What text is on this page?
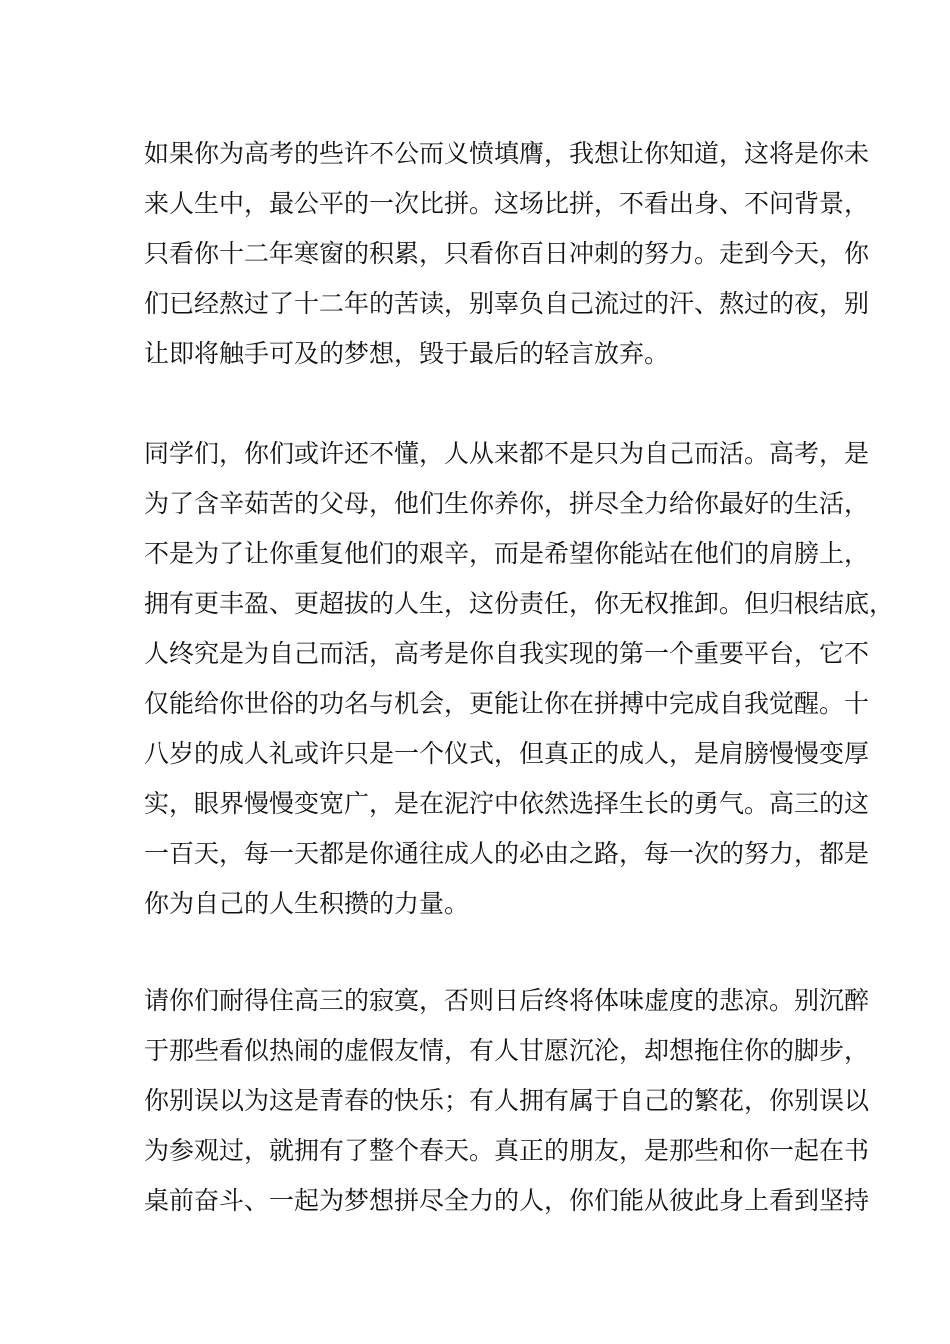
如果你为高考的些许不公而义愤填膺，我想让你知道，这将是你未
来人生中，最公平的一次比拼。这场比拼，不看出身、不问背景，
只看你十二年寒窗的积累，只看你百日冲刺的努力。走到今天，你
们已经熬过了十二年的苦读，别辜负自己流过的汗、熬过的夜，别
让即将触手可及的梦想，毁于最后的轻言放弃。
同学们，你们或许还不懂，人从来都不是只为自己而活。高考，是
为了含辛茹苦的父母，他们生你养你，拼尽全力给你最好的生活，
不是为了让你重复他们的艰辛，而是希望你能站在他们的肩膀上，
拥有更丰盈、更超拔的人生，这份责任，你无权推卸。但归根结底，
人终究是为自己而活，高考是你自我实现的第一个重要平台，它不
仅能给你世俗的功名与机会，更能让你在拼搏中完成自我觉醒。十
八岁的成人礼或许只是一个仪式，但真正的成人，是肩膀慢慢变厚
实，眼界慢慢变宽广，是在泥泞中依然选择生长的勇气。高三的这
一百天，每一天都是你通往成人的必由之路，每一次的努力，都是
你为自己的人生积攒的力量。
请你们耐得住高三的寂寞，否则日后终将体味虚度的悲凉。别沉醉
于那些看似热闹的虚假友情，有人甘愿沉沦，却想拖住你的脚步，
你别误以为这是青春的快乐；有人拥有属于自己的繁花，你别误以
为参观过，就拥有了整个春天。真正的朋友，是那些和你一起在书
桌前奋斗、一起为梦想拼尽全力的人，你们能从彼此身上看到坚持
